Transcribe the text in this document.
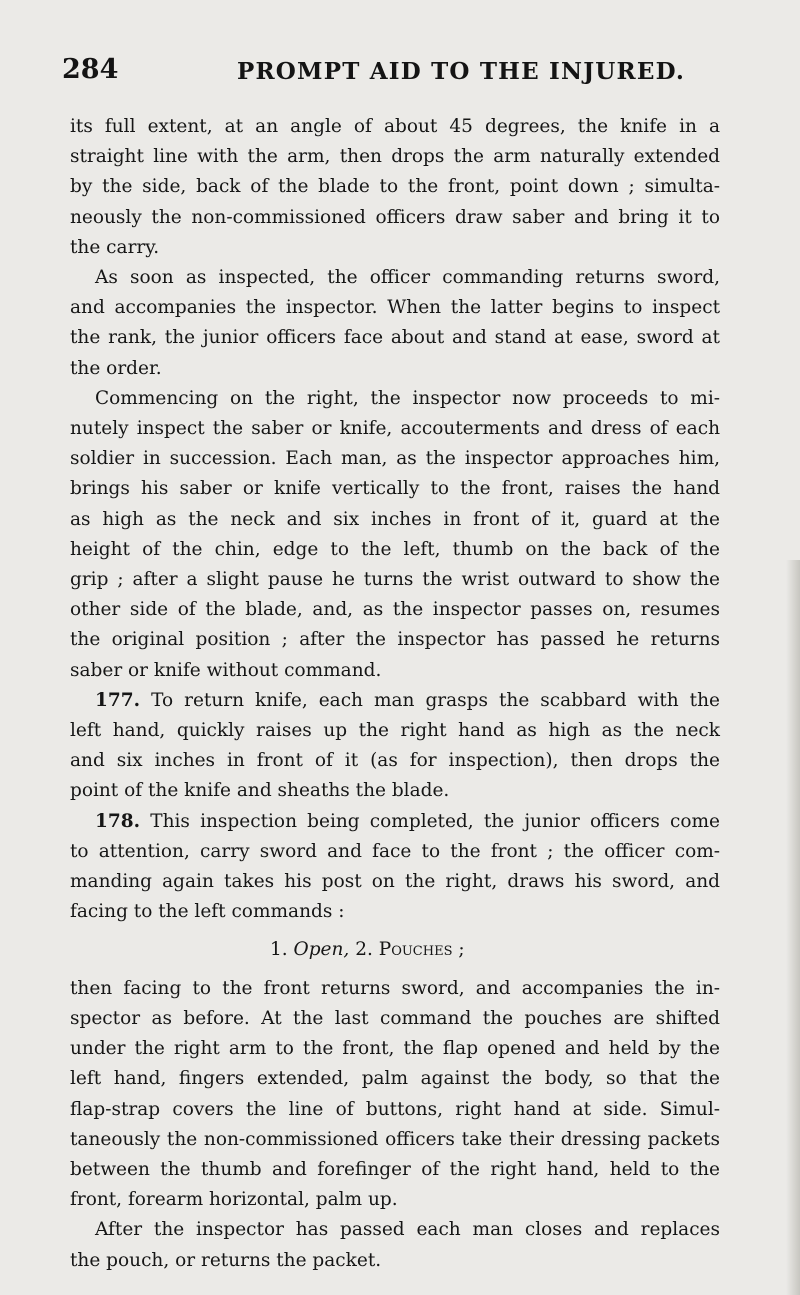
284	PROMPT AID TO THE INJURED.
its full extent, at an angle of about 45 degrees, the knife in a
straight line with the arm, then drops the arm naturally extended
by the side, back of the blade to the front, point down ; simulta-
neously the non-commissioned officers draw saber and bring it to
the carry.
As soon as inspected, the officer commanding returns sword,
and accompanies the inspector. When the latter begins to inspect
the rank, the junior officers face about and stand at ease, sword at
the order.
Commencing on the right, the inspector now proceeds to mi-
nutely inspect the saber or knife, accouterments and dress of each
soldier in succession. Each man, as the inspector approaches him,
brings his saber or knife vertically to the front, raises the hand
as high as the neck and six inches in front of it, guard at the
height of the chin, edge to the left, thumb on the back of the
grip ; after a slight pause he turns the wrist outward to show the
other side of the blade, and, as the inspector passes on, resumes
the original position ; after the inspector has passed he returns
saber or knife without command.
177. To return knife, each man grasps the scabbard with the
left hand, quickly raises up the right hand as high as the neck
and six inches in front of it (as for inspection), then drops the
point of the knife and sheaths the blade.
178. This inspection being completed, the junior officers come
to attention, carry sword and face to the front ; the officer com-
manding again takes his post on the right, draws his sword, and
facing to the left commands :
1. Open, 2. Pouches ;
then facing to the front returns sword, and accompanies the in-
spector as before. At the last command the pouches are shifted
under the right arm to the front, the flap opened and held by the
left hand, fingers extended, palm against the body, so that the
flap-strap covers the line of buttons, right hand at side. Simul-
taneously the non-commissioned officers take their dressing packets
between the thumb and forefinger of the right hand, held to the
front, forearm horizontal, palm up.
After the inspector has passed each man closes and replaces
the pouch, or returns the packet.
